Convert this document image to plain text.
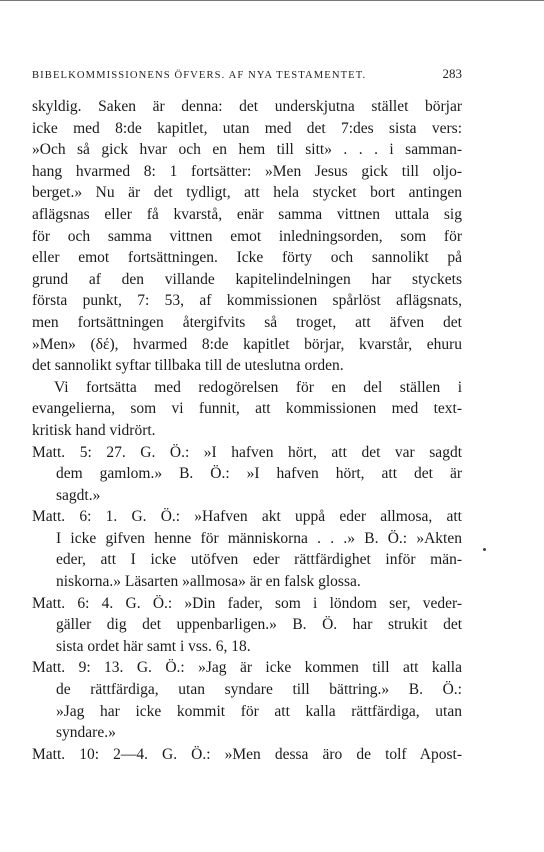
BIBELKOMMISSIONENS ÖFVERS. AF NYA TESTAMENTET.	283
skyldig. Saken är denna: det underskjutna stället börjar
icke med 8:de kapitlet, utan med det 7:des sista vers:
»Och så gick hvar och en hem till sitt» . . . i samman-
hang hvarmed 8: 1 fortsätter: »Men Jesus gick till oljo-
berget.» Nu är det tydligt, att hela stycket bort antingen
aflägsnas eller få kvarstå, enär samma vittnen uttala sig
för och samma vittnen emot inledningsorden, som för
eller emot fortsättningen. Icke förty och sannolikt på
grund af den villande kapitelindelningen har styckets
första punkt, 7: 53, af kommissionen spårlöst aflägsnats,
men fortsättningen återgifvits så troget, att äfven det
»Men» (δέ), hvarmed 8:de kapitlet börjar, kvarstår, ehuru
det sannolikt syftar tillbaka till de uteslutna orden.
Vi fortsätta med redogörelsen för en del ställen i
evangelierna, som vi funnit, att kommissionen med text-
kritisk hand vidrört.
Matt. 5: 27. G. Ö.: »I hafven hört, att det var sagdt
dem gamlom.» B. Ö.: »I hafven hört, att det är
sagdt.»
Matt. 6: 1. G. Ö.: »Hafven akt uppå eder allmosa, att
I icke gifven henne för människorna . . .» B. Ö.: »Akten
eder, att I icke utöfven eder rättfärdighet inför män-
niskorna.» Läsarten »allmosa» är en falsk glossa.
Matt. 6: 4. G. Ö.: »Din fader, som i löndom ser, veder-
gäller dig det uppenbarligen.» B. Ö. har strukit det
sista ordet här samt i vss. 6, 18.
Matt. 9: 13. G. Ö.: »Jag är icke kommen till att kalla
de rättfärdiga, utan syndare till bättring.» B. Ö.:
»Jag har icke kommit för att kalla rättfärdiga, utan
syndare.»
Matt. 10: 2—4. G. Ö.: »Men dessa äro de tolf Apost-
